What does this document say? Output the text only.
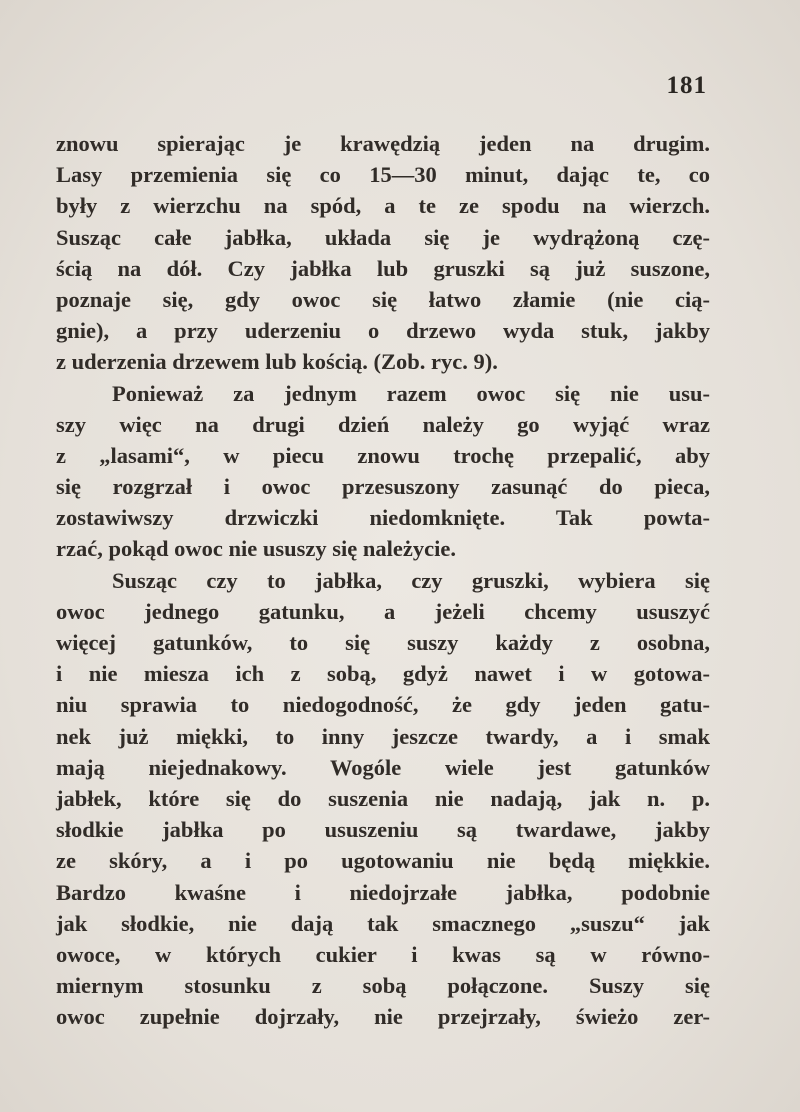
181
znowu spierając je krawędzią jeden na drugim.
Lasy przemienia się co 15—30 minut, dając te, co
były z wierzchu na spód, a te ze spodu na wierzch.
Susząc całe jabłka, układa się je wydrążoną czę-
ścią na dół. Czy jabłka lub gruszki są już suszone,
poznaje się, gdy owoc się łatwo złamie (nie cią-
gnie), a przy uderzeniu o drzewo wyda stuk, jakby
z uderzenia drzewem lub kością. (Zob. ryc. 9).
Ponieważ za jednym razem owoc się nie usu-
szy więc na drugi dzień należy go wyjąć wraz
z „lasami“, w piecu znowu trochę przepalić, aby
się rozgrzał i owoc przesuszony zasunąć do pieca,
zostawiwszy drzwiczki niedomknięte. Tak powta-
rzać, pokąd owoc nie ususzy się należycie.
Susząc czy to jabłka, czy gruszki, wybiera się
owoc jednego gatunku, a jeżeli chcemy ususzyć
więcej gatunków, to się suszy każdy z osobna,
i nie miesza ich z sobą, gdyż nawet i w gotowa-
niu sprawia to niedogodność, że gdy jeden gatu-
nek już miękki, to inny jeszcze twardy, a i smak
mają niejednakowy. Wogóle wiele jest gatunków
jabłek, które się do suszenia nie nadają, jak n. p.
słodkie jabłka po ususzeniu są twardawe, jakby
ze skóry, a i po ugotowaniu nie będą miękkie.
Bardzo kwaśne i niedojrzałe jabłka, podobnie
jak słodkie, nie dają tak smacznego „suszu“ jak
owoce, w których cukier i kwas są w równo-
miernym stosunku z sobą połączone. Suszy się
owoc zupełnie dojrzały, nie przejrzały, świeżo zer-
